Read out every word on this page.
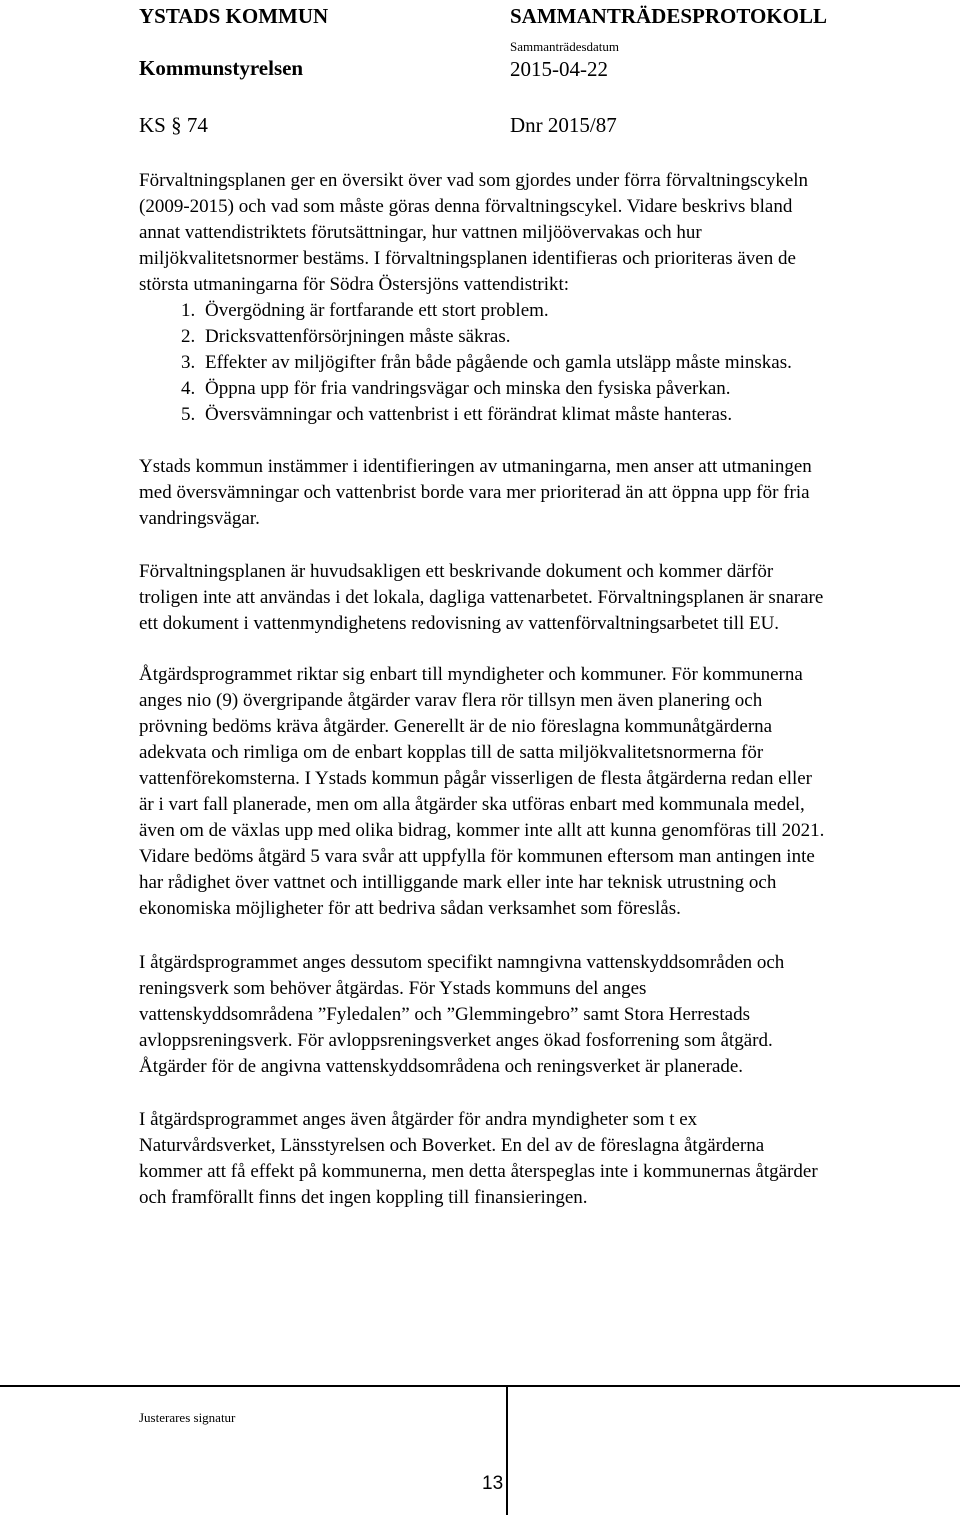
YSTADS KOMMUN	SAMMANTRÄDESPROTOKOLL
Kommunstyrelsen
Sammanträdesdatum
2015-04-22
KS § 74	Dnr 2015/87
Förvaltningsplanen ger en översikt över vad som gjordes under förra förvaltningscykeln
(2009-2015) och vad som måste göras denna förvaltningscykel. Vidare beskrivs bland
annat vattendistriktets förutsättningar, hur vattnen miljöövervakas och hur
miljökvalitetsnormer bestäms. I förvaltningsplanen identifieras och prioriteras även de
största utmaningarna för Södra Östersjöns vattendistrikt:
1. Övergödning är fortfarande ett stort problem.
2. Dricksvattenförsörjningen måste säkras.
3. Effekter av miljögifter från både pågående och gamla utsläpp måste minskas.
4. Öppna upp för fria vandringsvägar och minska den fysiska påverkan.
5. Översvämningar och vattenbrist i ett förändrat klimat måste hanteras.
Ystads kommun instämmer i identifieringen av utmaningarna, men anser att utmaningen
med översvämningar och vattenbrist borde vara mer prioriterad än att öppna upp för fria
vandringsvägar.
Förvaltningsplanen är huvudsakligen ett beskrivande dokument och kommer därför
troligen inte att användas i det lokala, dagliga vattenarbetet. Förvaltningsplanen är snarare
ett dokument i vattenmyndighetens redovisning av vattenförvaltningsarbetet till EU.
Åtgärdsprogrammet riktar sig enbart till myndigheter och kommuner. För kommunerna
anges nio (9) övergripande åtgärder varav flera rör tillsyn men även planering och
prövning bedöms kräva åtgärder. Generellt är de nio föreslagna kommunåtgärderna
adekvata och rimliga om de enbart kopplas till de satta miljökvalitetsnormerna för
vattenförekomsterna. I Ystads kommun pågår visserligen de flesta åtgärderna redan eller
är i vart fall planerade, men om alla åtgärder ska utföras enbart med kommunala medel,
även om de växlas upp med olika bidrag, kommer inte allt att kunna genomföras till 2021.
Vidare bedöms åtgärd 5 vara svår att uppfylla för kommunen eftersom man antingen inte
har rådighet över vattnet och intilliggande mark eller inte har teknisk utrustning och
ekonomiska möjligheter för att bedriva sådan verksamhet som föreslås.
I åtgärdsprogrammet anges dessutom specifikt namngivna vattenskyddsområden och
reningsverk som behöver åtgärdas. För Ystads kommuns del anges
vattenskyddsområdena ”Fyledalen” och ”Glemmingebro” samt Stora Herrestads
avloppsreningsverk. För avloppsreningsverket anges ökad fosforrening som åtgärd.
Åtgärder för de angivna vattenskyddsområdena och reningsverket är planerade.
I åtgärdsprogrammet anges även åtgärder för andra myndigheter som t ex
Naturvårdsverket, Länsstyrelsen och Boverket. En del av de föreslagna åtgärderna
kommer att få effekt på kommunerna, men detta återspeglas inte i kommunernas åtgärder
och framförallt finns det ingen koppling till finansieringen.
Justerares signatur
13
